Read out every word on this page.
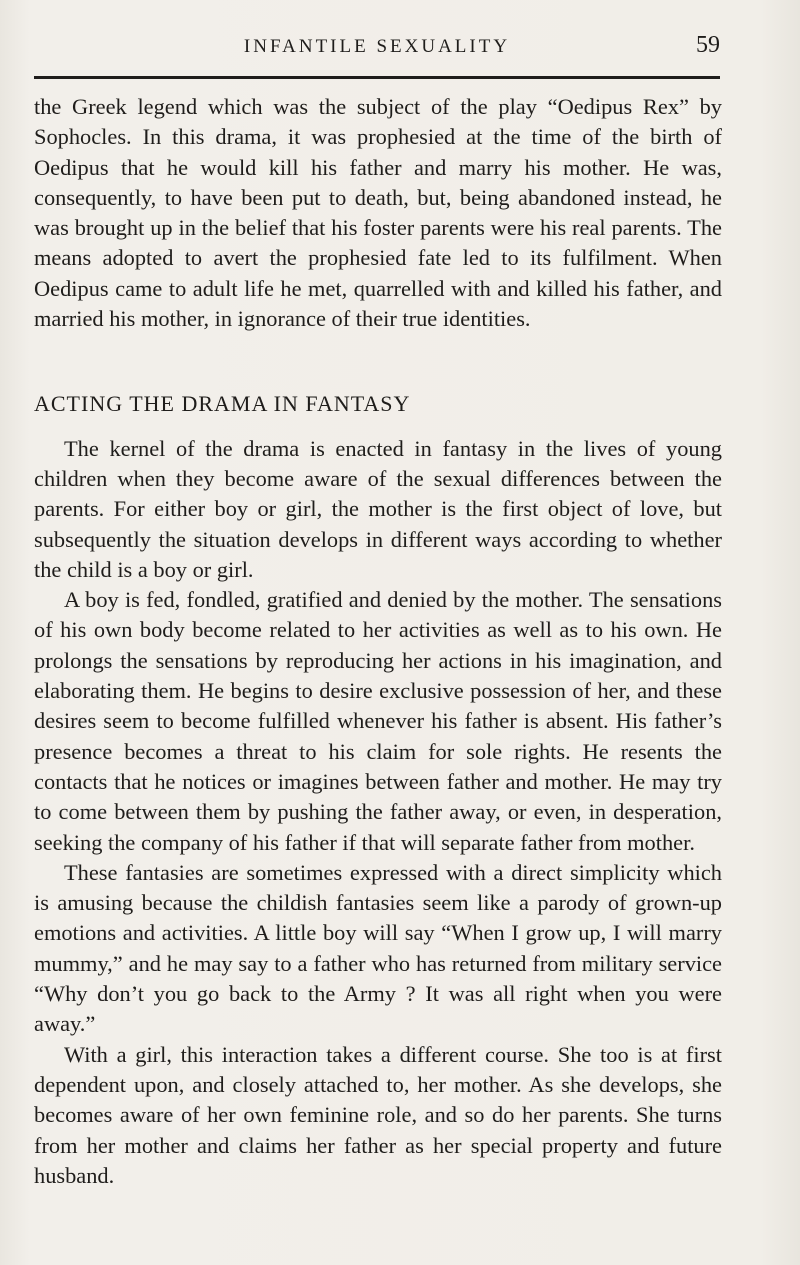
INFANTILE SEXUALITY	59

the Greek legend which was the subject of the play “Oedipus Rex” by Sophocles. In this drama, it was prophesied at the time of the birth of Oedipus that he would kill his father and marry his mother. He was, consequently, to have been put to death, but, being abandoned instead, he was brought up in the belief that his foster parents were his real parents. The means adopted to avert the prophesied fate led to its fulfilment. When Oedipus came to adult life he met, quarrelled with and killed his father, and married his mother, in ignorance of their true identities.

ACTING THE DRAMA IN FANTASY

The kernel of the drama is enacted in fantasy in the lives of young children when they become aware of the sexual differences between the parents. For either boy or girl, the mother is the first object of love, but subsequently the situation develops in different ways according to whether the child is a boy or girl.

A boy is fed, fondled, gratified and denied by the mother. The sensations of his own body become related to her activities as well as to his own. He prolongs the sensations by reproducing her actions in his imagination, and elaborating them. He begins to desire exclusive possession of her, and these desires seem to become fulfilled whenever his father is absent. His father’s presence becomes a threat to his claim for sole rights. He resents the contacts that he notices or imagines between father and mother. He may try to come between them by pushing the father away, or even, in desperation, seeking the company of his father if that will separate father from mother.

These fantasies are sometimes expressed with a direct simplicity which is amusing because the childish fantasies seem like a parody of grown-up emotions and activities. A little boy will say “When I grow up, I will marry mummy,” and he may say to a father who has returned from military service “Why don’t you go back to the Army ? It was all right when you were away.”

With a girl, this interaction takes a different course. She too is at first dependent upon, and closely attached to, her mother. As she develops, she becomes aware of her own feminine role, and so do her parents. She turns from her mother and claims her father as her special property and future husband.
